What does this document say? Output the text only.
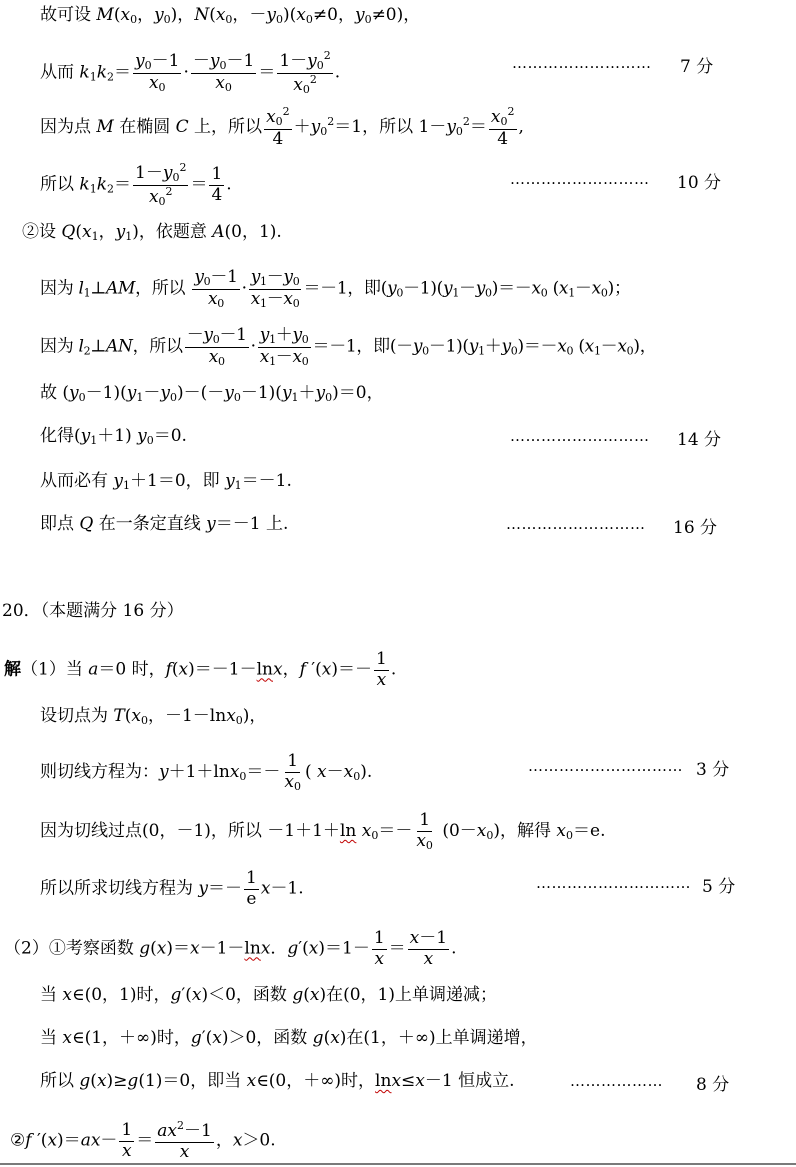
故可设 $M(x_0$，$y_0$)，$N(x_0$，$-y_0)(x_0\ne 0$，$y_0\ne 0$)，
从而 $k_1k_2= \frac{y_0-1}{x_0} \cdot \frac{-y_0-1}{x_0} = \frac{1-y_0^2}{x_0^2}$ .	……………………… 7 分
因为点 M 在椭圆 C 上，所以 $\frac{x_0^2}{4} +y_0^2=1$，所以 $1-y_0^2= \frac{x_0^2}{4}$ ,
所以 $k_1k_2= \frac{1-y_0^2}{x_0^2} = \frac{1}{4}$ .	……………………… 10 分
②设 $Q(x_1$，$y_1$)，依题意 A(0，1).
因为 $l_1\perp AM$，所以 $\frac{y_0-1}{x_0} \cdot \frac{y_1-y_0}{x_1-x_0} =-1$，即$(y_0-1)(y_1-y_0)=-x_0$ $(x_1-x_0)$；
因为 $l_2\perp AN$，所以 $\frac{-y_0-1}{x_0} \cdot \frac{y_1+y_0}{x_1-x_0} =-1$，即$(-y_0-1)(y_1+y_0)=-x_0$ $(x_1-x_0)$，
故 $(y_0-1)(y_1-y_0)-(-y_0-1)(y_1+y_0)=0$，
化得$(y_1+1)$ $y_0=0$.	……………………… 14 分
从而必有 $y_1+1=0$，即 $y_1=-1$.
即点 Q 在一条定直线 y＝－1 上.	……………………… 16 分
20．（本题满分 16 分）
解（1）当 a＝0 时，f(x)＝－1－lnx，f $'(x)=- \frac{1}{x}$ .
设切点为 $T(x_0$，－1－lnx$_0$)，
则切线方程为：$y+1+\ln x_0=- \frac{1}{x_0}$ ( $x-x_0$).	………………………… 3 分
因为切线过点(0，－1)，所以 －1＋1＋ln $x_0=- \frac{1}{x_0} (0-x_0)$，解得 $x_0=e$.
所以所求切线方程为 $y=- \frac{1}{e} x-1$.	………………………… 5 分
（2）①考察函数 g(x)＝x－1－lnx．$g'(x)=1- \frac{1}{x} = \frac{x-1}{x}$ .
当 x∈(0，1)时，g′(x)＜0，函数 g(x)在(0，1)上单调递减；
当 x∈(1，＋∞)时，g′(x)＞0，函数 g(x)在(1，＋∞)上单调递增，
所以 g(x)≥g(1)＝0，即当 x∈(0，＋∞)时，lnx≤x－1 恒成立.	……………… 8 分
②f $'(x)=ax- \frac{1}{x} = \frac{ax^2-1}{x}$ ，x＞0.
